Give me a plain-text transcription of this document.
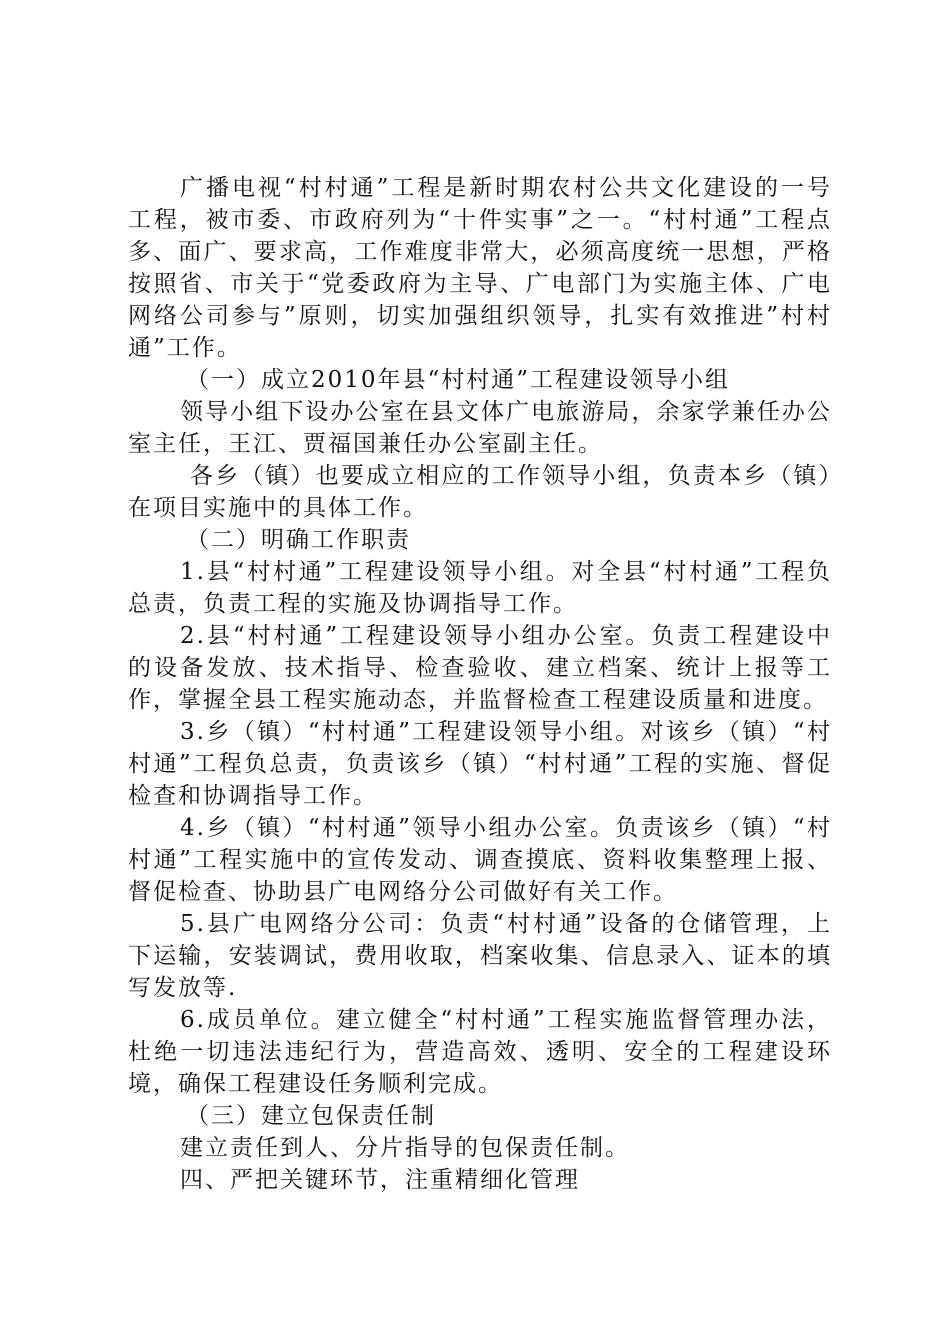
广播电视“村村通”工程是新时期农村公共文化建设的一号工程，被市委、市政府列为“十件实事”之一。“村村通”工程点多、面广、要求高，工作难度非常大，必须高度统一思想，严格按照省、市关于“党委政府为主导、广电部门为实施主体、广电网络公司参与”原则，切实加强组织领导，扎实有效推进”村村通”工作。

（一）成立2010年县“村村通”工程建设领导小组

领导小组下设办公室在县文体广电旅游局，余家学兼任办公室主任，王江、贾福国兼任办公室副主任。

各乡（镇）也要成立相应的工作领导小组，负责本乡（镇）在项目实施中的具体工作。

（二）明确工作职责

1.县“村村通”工程建设领导小组。对全县“村村通”工程负总责，负责工程的实施及协调指导工作。

2.县“村村通”工程建设领导小组办公室。负责工程建设中的设备发放、技术指导、检查验收、建立档案、统计上报等工作，掌握全县工程实施动态，并监督检查工程建设质量和进度。

3.乡（镇）“村村通”工程建设领导小组。对该乡（镇）“村村通”工程负总责，负责该乡（镇）“村村通”工程的实施、督促检查和协调指导工作。

4.乡（镇）“村村通”领导小组办公室。负责该乡（镇）“村村通”工程实施中的宣传发动、调查摸底、资料收集整理上报、督促检查、协助县广电网络分公司做好有关工作。

5.县广电网络分公司：负责“村村通”设备的仓储管理，上下运输，安装调试，费用收取，档案收集、信息录入、证本的填写发放等.

6.成员单位。建立健全“村村通”工程实施监督管理办法，杜绝一切违法违纪行为，营造高效、透明、安全的工程建设环境，确保工程建设任务顺利完成。

（三）建立包保责任制

建立责任到人、分片指导的包保责任制。

四、严把关键环节，注重精细化管理
